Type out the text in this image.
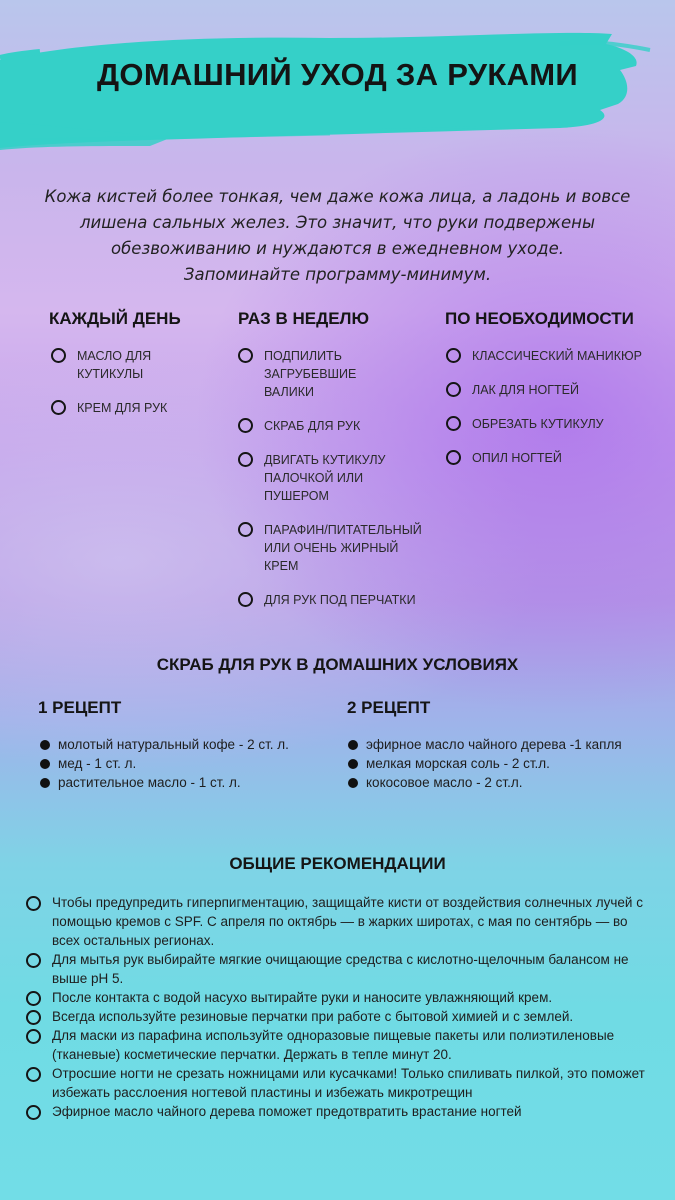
ДОМАШНИЙ УХОД ЗА РУКАМИ

Кожа кистей более тонкая, чем даже кожа лица, а ладонь и вовсе

лишена сальных желез. Это значит, что руки подвержены

обезвоживанию и нуждаются в ежедневном уходе.

Запоминайте программу-минимум.

КАЖДЫЙ ДЕНЬ
МАСЛО ДЛЯ
КУТИКУЛЫ
КРЕМ ДЛЯ РУК
РАЗ В НЕДЕЛЮ
ПОДПИЛИТЬ
ЗАГРУБЕВШИЕ
ВАЛИКИ
СКРАБ ДЛЯ РУК
ДВИГАТЬ КУТИКУЛУ
ПАЛОЧКОЙ ИЛИ
ПУШЕРОМ
ПАРАФИН/ПИТАТЕЛЬНЫЙ
ИЛИ ОЧЕНЬ ЖИРНЫЙ
КРЕМ
ДЛЯ РУК ПОД ПЕРЧАТКИ
ПО НЕОБХОДИМОСТИ
КЛАССИЧЕСКИЙ МАНИКЮР
ЛАК ДЛЯ НОГТЕЙ
ОБРЕЗАТЬ КУТИКУЛУ
ОПИЛ НОГТЕЙ
СКРАБ ДЛЯ РУК В ДОМАШНИХ УСЛОВИЯХ
1 РЕЦЕПТ
молотый натуральный кофе - 2 ст. л.
мед - 1 ст. л.
растительное масло - 1 ст. л.
2 РЕЦЕПТ
эфирное масло чайного дерева -1 капля
мелкая морская соль - 2 ст.л.
кокосовое масло - 2 ст.л.
ОБЩИЕ РЕКОМЕНДАЦИИ
Чтобы предупредить гиперпигментацию, защищайте кисти от воздействия солнечных лучей с помощью кремов с SPF. С апреля по октябрь — в жарких широтах, с мая по сентябрь — во всех остальных регионах.
Для мытья рук выбирайте мягкие очищающие средства с кислотно-щелочным балансом не выше pH 5.
После контакта с водой насухо вытирайте руки и наносите увлажняющий крем.
Всегда используйте резиновые перчатки при работе с бытовой химией и с землей.
Для маски из парафина используйте одноразовые пищевые пакеты или полиэтиленовые (тканевые) косметические перчатки. Держать в тепле минут 20.
Отросшие ногти не срезать ножницами или кусачками! Только спиливать пилкой, это поможет избежать расслоения ногтевой пластины и избежать микротрещин
Эфирное масло чайного дерева поможет предотвратить врастание ногтей
